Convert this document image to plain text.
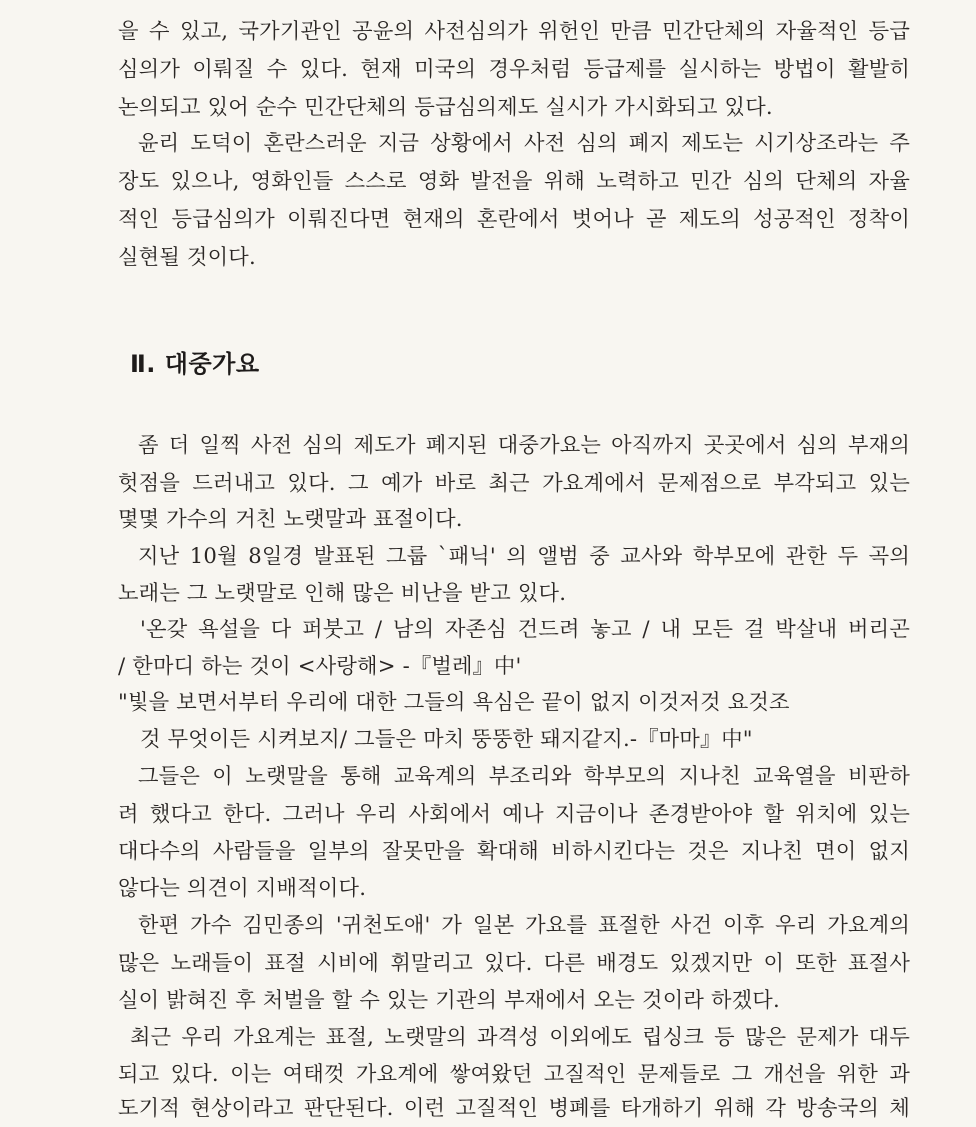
을 수 있고, 국가기관인 공윤의 사전심의가 위헌인 만큼 민간단체의 자율적인 등급
심의가 이뤄질 수 있다. 현재 미국의 경우처럼 등급제를 실시하는 방법이 활발히
논의되고 있어 순수 민간단체의 등급심의제도 실시가 가시화되고 있다.
윤리 도덕이 혼란스러운 지금 상황에서 사전 심의 폐지 제도는 시기상조라는 주
장도 있으나, 영화인들 스스로 영화 발전을 위해 노력하고 민간 심의 단체의 자율
적인 등급심의가 이뤄진다면 현재의 혼란에서 벗어나 곧 제도의 성공적인 정착이
실현될 것이다.
Ⅱ. 대중가요
좀 더 일찍 사전 심의 제도가 폐지된 대중가요는 아직까지 곳곳에서 심의 부재의
헛점을 드러내고 있다. 그 예가 바로 최근 가요계에서 문제점으로 부각되고 있는
몇몇 가수의 거친 노랫말과 표절이다.
지난 10월 8일경 발표된 그룹 `패닉' 의 앨범 중 교사와 학부모에 관한 두 곡의
노래는 그 노랫말로 인해 많은 비난을 받고 있다.
'온갖 욕설을 다 퍼붓고 / 남의 자존심 건드려 놓고 / 내 모든 걸 박살내 버리곤
/ 한마디 하는 것이 <사랑해> -『벌레』中'
"빛을 보면서부터 우리에 대한 그들의 욕심은 끝이 없지 이것저것 요것조
것 무엇이든 시켜보지/ 그들은 마치 뚱뚱한 돼지같지.-『마마』中"
그들은 이 노랫말을 통해 교육계의 부조리와 학부모의 지나친 교육열을 비판하
려 했다고 한다. 그러나 우리 사회에서 예나 지금이나 존경받아야 할 위치에 있는
대다수의 사람들을 일부의 잘못만을 확대해 비하시킨다는 것은 지나친 면이 없지
않다는 의견이 지배적이다.
한편 가수 김민종의 '귀천도애' 가 일본 가요를 표절한 사건 이후 우리 가요계의
많은 노래들이 표절 시비에 휘말리고 있다. 다른 배경도 있겠지만 이 또한 표절사
실이 밝혀진 후 처벌을 할 수 있는 기관의 부재에서 오는 것이라 하겠다.
최근 우리 가요계는 표절, 노랫말의 과격성 이외에도 립싱크 등 많은 문제가 대두
되고 있다. 이는 여태껏 가요계에 쌓여왔던 고질적인 문제들로 그 개선을 위한 과
도기적 현상이라고 판단된다. 이런 고질적인 병폐를 타개하기 위해 각 방송국의 체
